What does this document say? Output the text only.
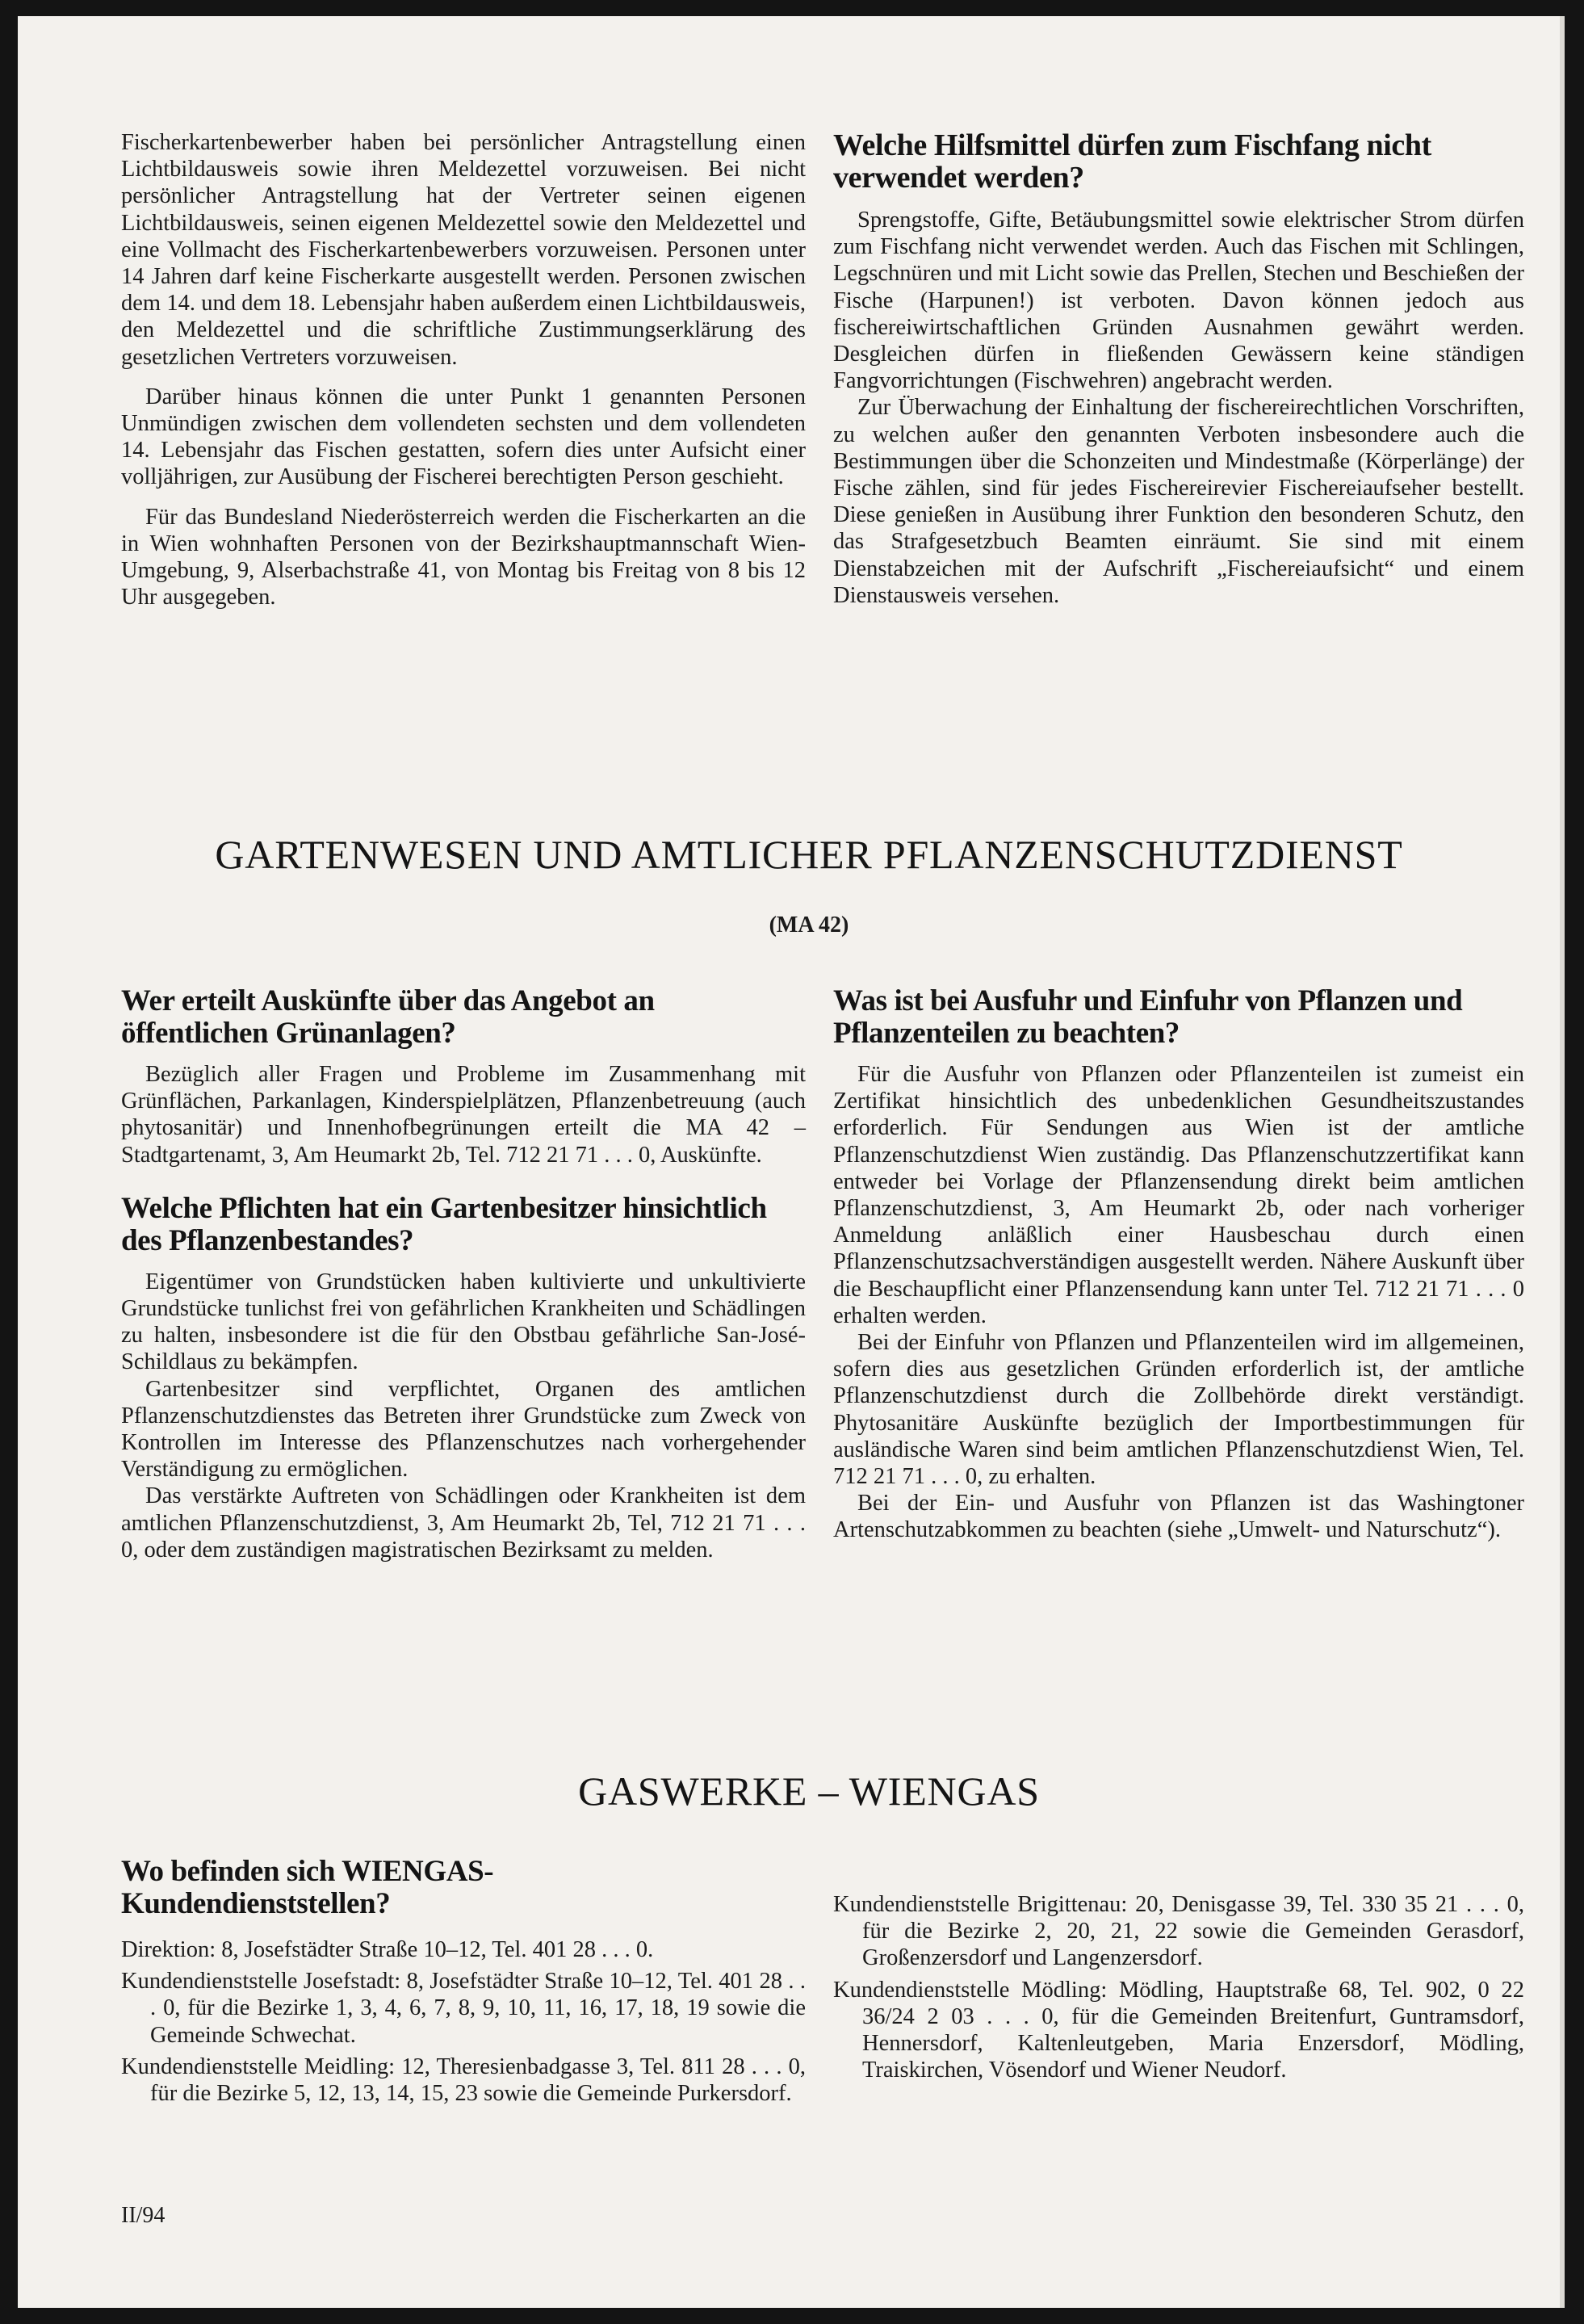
Fischerkartenbewerber haben bei persönlicher Antragstellung einen Lichtbildausweis sowie ihren Meldezettel vorzuweisen. Bei nicht persönlicher Antragstellung hat der Vertreter seinen eigenen Lichtbildausweis, seinen eigenen Meldezettel sowie den Meldezettel und eine Vollmacht des Fischerkartenbewerbers vorzuweisen. Personen unter 14 Jahren darf keine Fischerkarte ausgestellt werden. Personen zwischen dem 14. und dem 18. Lebensjahr haben außerdem einen Lichtbildausweis, den Meldezettel und die schriftliche Zustimmungserklärung des gesetzlichen Vertreters vorzuweisen.

Darüber hinaus können die unter Punkt 1 genannten Personen Unmündigen zwischen dem vollendeten sechsten und dem vollendeten 14. Lebensjahr das Fischen gestatten, sofern dies unter Aufsicht einer volljährigen, zur Ausübung der Fischerei berechtigten Person geschieht.

Für das Bundesland Niederösterreich werden die Fischerkarten an die in Wien wohnhaften Personen von der Bezirkshauptmannschaft Wien-Umgebung, 9, Alserbachstraße 41, von Montag bis Freitag von 8 bis 12 Uhr ausgegeben.

Welche Hilfsmittel dürfen zum Fischfang nicht verwendet werden?

Sprengstoffe, Gifte, Betäubungsmittel sowie elektrischer Strom dürfen zum Fischfang nicht verwendet werden. Auch das Fischen mit Schlingen, Legschnüren und mit Licht sowie das Prellen, Stechen und Beschießen der Fische (Harpunen!) ist verboten. Davon können jedoch aus fischereiwirtschaftlichen Gründen Ausnahmen gewährt werden. Desgleichen dürfen in fließenden Gewässern keine ständigen Fangvorrichtungen (Fischwehren) angebracht werden.

Zur Überwachung der Einhaltung der fischereirechtlichen Vorschriften, zu welchen außer den genannten Verboten insbesondere auch die Bestimmungen über die Schonzeiten und Mindestmaße (Körperlänge) der Fische zählen, sind für jedes Fischereirevier Fischereiaufseher bestellt. Diese genießen in Ausübung ihrer Funktion den besonderen Schutz, den das Strafgesetzbuch Beamten einräumt. Sie sind mit einem Dienstabzeichen mit der Aufschrift „Fischereiaufsicht“ und einem Dienstausweis versehen.

GARTENWESEN UND AMTLICHER PFLANZENSCHUTZDIENST
(MA 42)
Wer erteilt Auskünfte über das Angebot an öffentlichen Grünanlagen?

Bezüglich aller Fragen und Probleme im Zusammenhang mit Grünflächen, Parkanlagen, Kinderspielplätzen, Pflanzenbetreuung (auch phytosanitär) und Innenhofbegrünungen erteilt die MA 42 – Stadtgartenamt, 3, Am Heumarkt 2b, Tel. 712 21 71 . . . 0, Auskünfte.

Welche Pflichten hat ein Gartenbesitzer hinsichtlich des Pflanzenbestandes?

Eigentümer von Grundstücken haben kultivierte und unkultivierte Grundstücke tunlichst frei von gefährlichen Krankheiten und Schädlingen zu halten, insbesondere ist die für den Obstbau gefährliche San-José-Schildlaus zu bekämpfen.

Gartenbesitzer sind verpflichtet, Organen des amtlichen Pflanzenschutzdienstes das Betreten ihrer Grundstücke zum Zweck von Kontrollen im Interesse des Pflanzenschutzes nach vorhergehender Verständigung zu ermöglichen.

Das verstärkte Auftreten von Schädlingen oder Krankheiten ist dem amtlichen Pflanzenschutzdienst, 3, Am Heumarkt 2b, Tel, 712 21 71 . . . 0, oder dem zuständigen magistratischen Bezirksamt zu melden.

Was ist bei Ausfuhr und Einfuhr von Pflanzen und Pflanzenteilen zu beachten?

Für die Ausfuhr von Pflanzen oder Pflanzenteilen ist zumeist ein Zertifikat hinsichtlich des unbedenklichen Gesundheitszustandes erforderlich. Für Sendungen aus Wien ist der amtliche Pflanzenschutzdienst Wien zuständig. Das Pflanzenschutzzertifikat kann entweder bei Vorlage der Pflanzensendung direkt beim amtlichen Pflanzenschutzdienst, 3, Am Heumarkt 2b, oder nach vorheriger Anmeldung anläßlich einer Hausbeschau durch einen Pflanzenschutzsachverständigen ausgestellt werden. Nähere Auskunft über die Beschaupflicht einer Pflanzensendung kann unter Tel. 712 21 71 . . . 0 erhalten werden.

Bei der Einfuhr von Pflanzen und Pflanzenteilen wird im allgemeinen, sofern dies aus gesetzlichen Gründen erforderlich ist, der amtliche Pflanzenschutzdienst durch die Zollbehörde direkt verständigt. Phytosanitäre Auskünfte bezüglich der Importbestimmungen für ausländische Waren sind beim amtlichen Pflanzenschutzdienst Wien, Tel. 712 21 71 . . . 0, zu erhalten.

Bei der Ein- und Ausfuhr von Pflanzen ist das Washingtoner Artenschutzabkommen zu beachten (siehe „Umwelt- und Naturschutz“).

GASWERKE – WIENGAS
Wo befinden sich WIENGAS-Kundendienststellen?
Direktion: 8, Josefstädter Straße 10–12, Tel. 401 28 . . . 0.
Kundendienststelle Josefstadt: 8, Josefstädter Straße 10–12, Tel. 401 28 . . . 0, für die Bezirke 1, 3, 4, 6, 7, 8, 9, 10, 11, 16, 17, 18, 19 sowie die Gemeinde Schwechat.
Kundendienststelle Meidling: 12, Theresienbadgasse 3, Tel. 811 28 . . . 0, für die Bezirke 5, 12, 13, 14, 15, 23 sowie die Gemeinde Purkersdorf.
Kundendienststelle Brigittenau: 20, Denisgasse 39, Tel. 330 35 21 . . . 0, für die Bezirke 2, 20, 21, 22 sowie die Gemeinden Gerasdorf, Großenzersdorf und Langenzersdorf.
Kundendienststelle Mödling: Mödling, Hauptstraße 68, Tel. 902, 0 22 36/24 2 03 . . . 0, für die Gemeinden Breitenfurt, Guntramsdorf, Hennersdorf, Kaltenleutgeben, Maria Enzersdorf, Mödling, Traiskirchen, Vösendorf und Wiener Neudorf.
II/94
